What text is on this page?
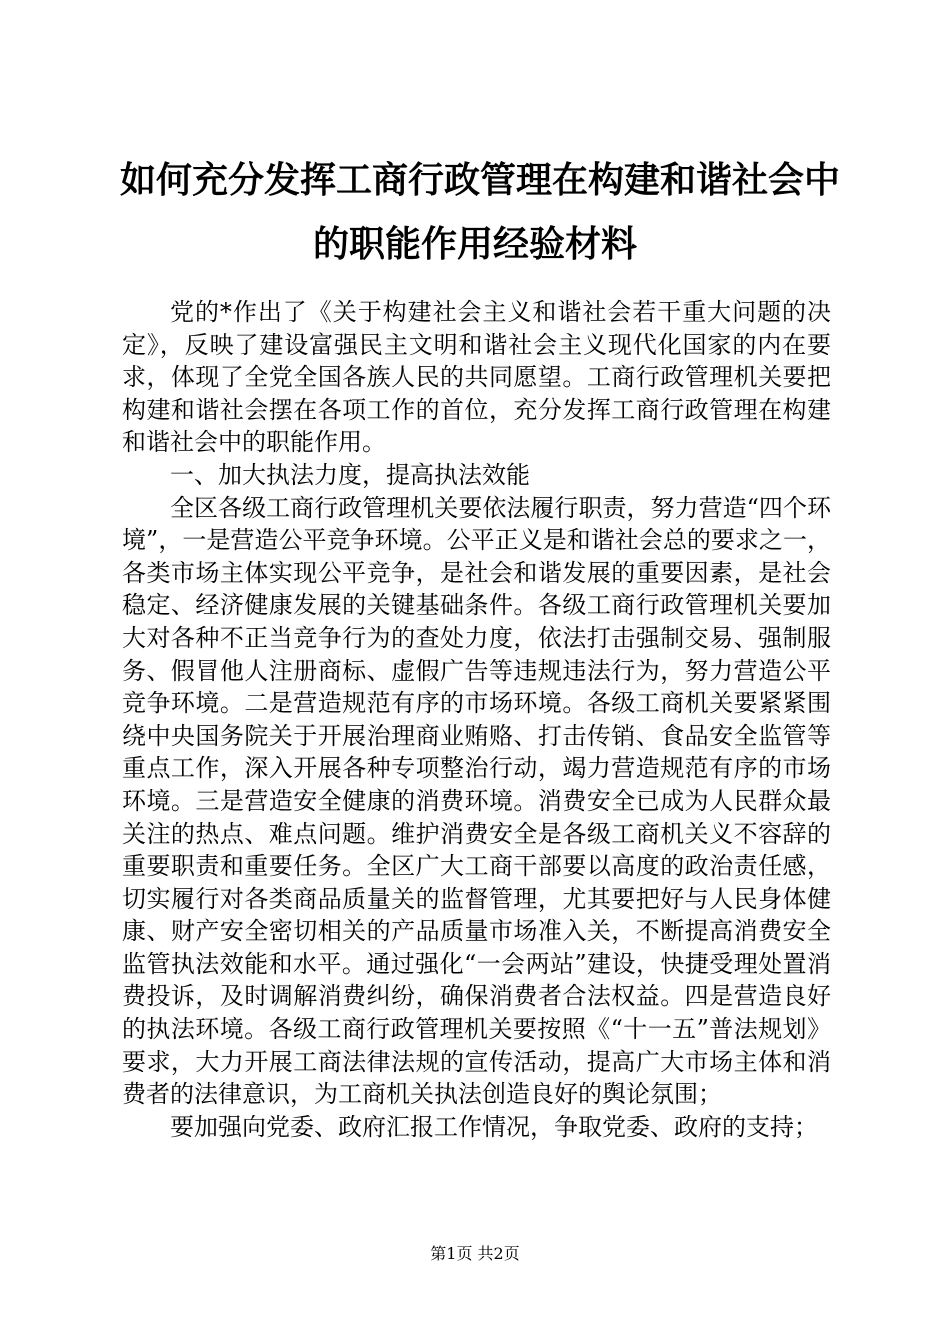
如何充分发挥工商行政管理在构建和谐社会中
的职能作用经验材料

党的*作出了《关于构建社会主义和谐社会若干重大问题的决定》，反映了建设富强民主文明和谐社会主义现代化国家的内在要求，体现了全党全国各族人民的共同愿望。工商行政管理机关要把构建和谐社会摆在各项工作的首位，充分发挥工商行政管理在构建和谐社会中的职能作用。

一、加大执法力度，提高执法效能

全区各级工商行政管理机关要依法履行职责，努力营造“四个环境”，一是营造公平竞争环境。公平正义是和谐社会总的要求之一，各类市场主体实现公平竞争，是社会和谐发展的重要因素，是社会稳定、经济健康发展的关键基础条件。各级工商行政管理机关要加大对各种不正当竞争行为的查处力度，依法打击强制交易、强制服务、假冒他人注册商标、虚假广告等违规违法行为，努力营造公平竞争环境。二是营造规范有序的市场环境。各级工商机关要紧紧围绕中央国务院关于开展治理商业贿赂、打击传销、食品安全监管等重点工作，深入开展各种专项整治行动，竭力营造规范有序的市场环境。三是营造安全健康的消费环境。消费安全已成为人民群众最关注的热点、难点问题。维护消费安全是各级工商机关义不容辞的重要职责和重要任务。全区广大工商干部要以高度的政治责任感，切实履行对各类商品质量关的监督管理，尤其要把好与人民身体健康、财产安全密切相关的产品质量市场准入关，不断提高消费安全监管执法效能和水平。通过强化“一会两站”建设，快捷受理处置消费投诉，及时调解消费纠纷，确保消费者合法权益。四是营造良好的执法环境。各级工商行政管理机关要按照《“十一五”普法规划》要求，大力开展工商法律法规的宣传活动，提高广大市场主体和消费者的法律意识，为工商机关执法创造良好的舆论氛围；

要加强向党委、政府汇报工作情况，争取党委、政府的支持；

第1页 共2页
